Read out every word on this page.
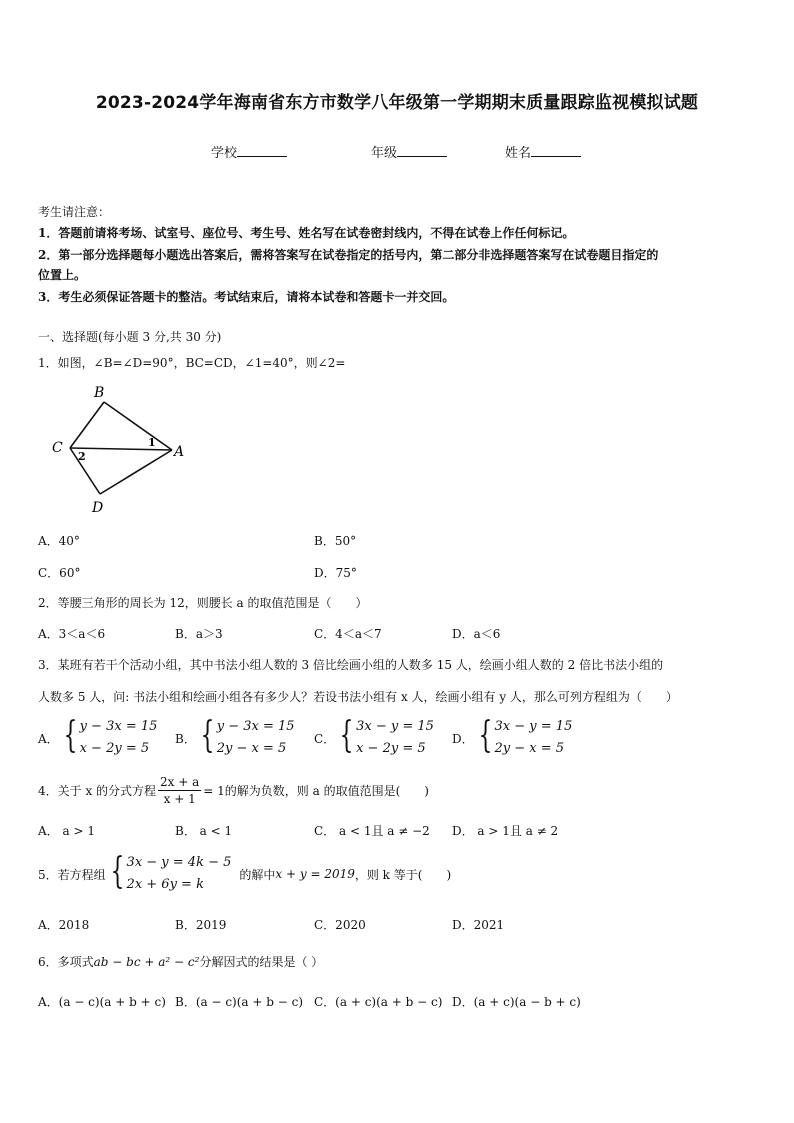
2023-2024学年海南省东方市数学八年级第一学期期末质量跟踪监视模拟试题
学校	年级	姓名
考生请注意：
1．答题前请将考场、试室号、座位号、考生号、姓名写在试卷密封线内，不得在试卷上作任何标记。
2．第一部分选择题每小题选出答案后，需将答案写在试卷指定的括号内，第二部分非选择题答案写在试卷题目指定的
位置上。
3．考生必须保证答题卡的整洁。考试结束后，请将本试卷和答题卡一并交回。
一、选择题(每小题 3 分,共 30 分)
1．如图，∠B=∠D=90°，BC=CD，∠1=40°，则∠2=
B
C	A
D
1
2
A．40°	B．50°
C．60°	D．75°
2．等腰三角形的周长为 12，则腰长 a 的取值范围是（　　）
A．3＜a＜6	B．a＞3	C．4＜a＜7	D．a＜6
3．某班有若干个活动小组，其中书法小组人数的 3 倍比绘画小组的人数多 15 人，绘画小组人数的 2 倍比书法小组的
人数多 5 人，问: 书法小组和绘画小组各有多少人？若设书法小组有 x 人，绘画小组有 y 人，那么可列方程组为（　　）
A． { y − 3x = 15
x − 2y = 5
B． { y − 3x = 15
2y − x = 5
C． { 3x − y = 15
x − 2y = 5
D． { 3x − y = 15
2y − x = 5
4．关于 x 的分式方程 $\frac{2x + a}{x + 1} = 1$的解为负数，则 a 的取值范围是(　　)
A． a > 1	B． a < 1	C． a < 1且 a ≠ −2 D． a > 1且 a ≠ 2
5．若方程组 { 3x − y = 4k − 5
2x + 6y = k
的解中 x + y = 2019 ，则 k 等于(　　)
A．2018	B．2019	C．2020	D．2021
6．多项式ab − bc + a² − c²分解因式的结果是（ ）
A．(a − c)(a + b + c) B．(a − c)(a + b − c) C．(a + c)(a + b − c) D．(a + c)(a − b + c)
